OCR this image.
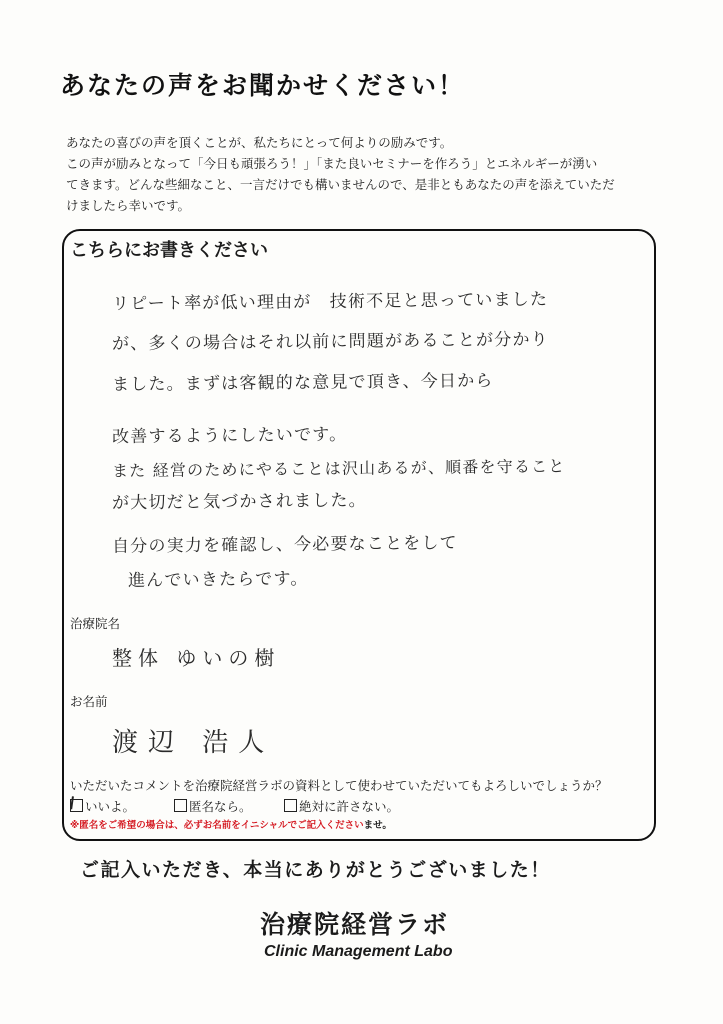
あなたの声をお聞かせください！
あなたの喜びの声を頂くことが、私たちにとって何よりの励みです。
この声が励みとなって「今日も頑張ろう！」「また良いセミナーを作ろう」とエネルギーが湧い
てきます。どんな些細なこと、一言だけでも構いませんので、是非ともあなたの声を添えていただ
けましたら幸いです。
こちらにお書きください
リピート率が低い理由が　技術不足と思っていました
が、多くの場合はそれ以前に問題があることが分かり
ました。まずは客観的な意見で頂き、今日から
改善するようにしたいです。
また 経営のためにやることは沢山あるが、順番を守ること
が大切だと気づかされました。
自分の実力を確認し、今必要なことをして
進んでいきたらです。
治療院名
整体 ゆいの樹
お名前
渡辺 浩人
いただいたコメントを治療院経営ラボの資料として使わせていただいてもよろしいでしょうか？
いいよ。	匿名なら。	絶対に許さない。
※匿名をご希望の場合は、必ずお名前をイニシャルでご記入くださいませ。
ご記入いただき、本当にありがとうございました！
治療院経営ラボ
Clinic Management Labo
